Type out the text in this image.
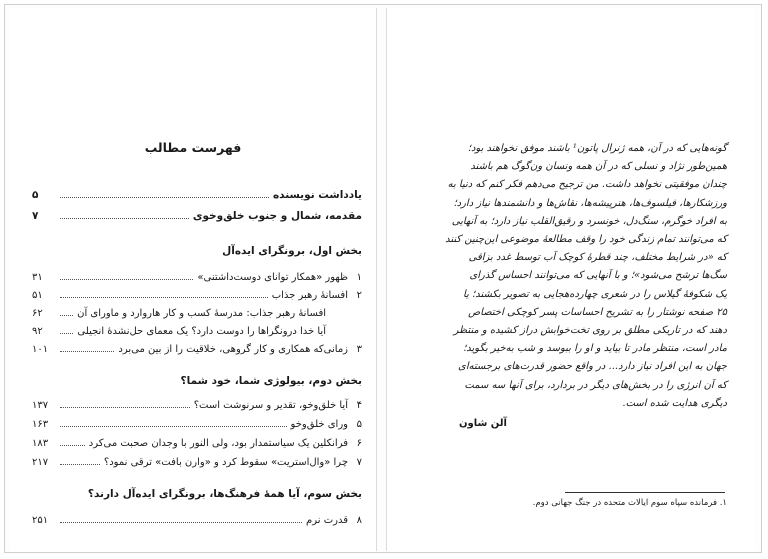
فهرست مطالب
یادداشت نویسنده
۵
مقدمه، شمال و جنوب خلق‌وخوی
۷
بخش اول، برونگرای ایده‌آل
۱
ظهور «همکار توانای دوست‌داشتنی»
۳۱
۲
افسانهٔ رهبر جذاب
۵۱
افسانهٔ رهبر جذاب: مدرسهٔ کسب و کار هاروارد و ماورای آن
۶۲
آیا خدا درونگراها را دوست دارد؟ یک معمای حل‌نشدهٔ انجیلی
۹۲
۳
زمانی‌که همکاری و کار گروهی، خلاقیت را از بین می‌برد
۱۰۱
بخش دوم، بیولوژی شما، خود شما؟
۴
آیا خلق‌وخو، تقدیر و سرنوشت است؟
۱۳۷
۵
ورای خلق‌وخو
۱۶۳
۶
فرانکلین یک سیاستمدار بود، ولی النور با وجدان صحبت می‌کرد
۱۸۳
۷
چرا «وال‌استریت» سقوط کرد و «وارن بافت» ترقی نمود؟
۲۱۷
بخش سوم، آیا همهٔ فرهنگ‌ها، برونگرای ایده‌آل دارند؟
۸
قدرت نرم
۲۵۱

گونه‌هایی که در آن، همه ژنرال پاتون¹ باشند موفق نخواهند بود؛

همین‌طور نژاد و نسلی که در آن همه ونسان ون‌گوگ هم باشند

چندان موفقیتی نخواهد داشت. من ترجیح می‌دهم فکر کنم که دنیا به

ورزشکارها، فیلسوف‌ها، هنرپیشه‌ها، نقاش‌ها و دانشمندها نیاز دارد؛

به افراد خوگرم، سنگ‌دل، خونسرد و رقیق‌القلب نیاز دارد؛ به آنهایی

که می‌توانند تمام زندگی خود را وقف مطالعهٔ موضوعی این‌چنین کنند

که «در شرایط مختلف، چند قطرهٔ کوچک آب توسط غدد بزاقی

سگ‌ها ترشح می‌شود»؛ و با آنهایی که می‌توانند احساس گذرای

یک شکوفهٔ گیلاس را در شعری چهارده‌هجایی به تصویر بکشند؛ یا

۲۵ صفحه نوشتار را به تشریح احساسات پسر کوچکی اختصاص

دهند که در تاریکی مطلق بر روی تخت‌خوابش دراز کشیده و منتظر

مادر است، منتظر مادر تا بیاید و او را ببوسد و شب به‌خیر بگوید؛

جهان به این افراد نیاز دارد... در واقع حضور قدرت‌های برجسته‌ای

که آن انرژی را در بخش‌های دیگر در بردارد، برای آنها سه سمت

دیگری هدایت شده است.

آلن شاون
۱. فرمانده سپاه سوم ایالات متحده در جنگ جهانی دوم.
